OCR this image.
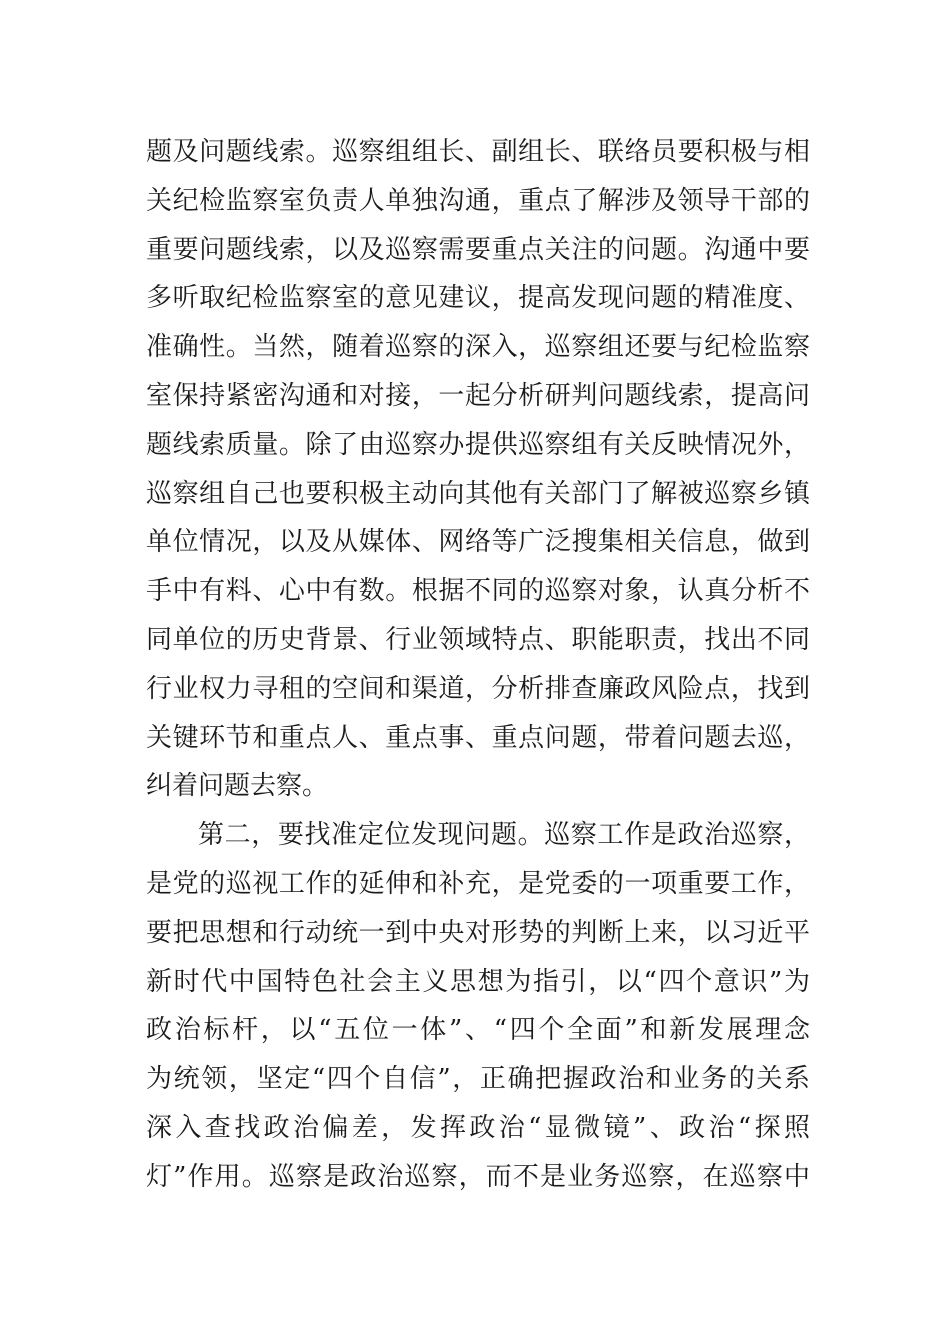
题及问题线索。巡察组组长、副组长、联络员要积极与相
关纪检监察室负责人单独沟通，重点了解涉及领导干部的
重要问题线索，以及巡察需要重点关注的问题。沟通中要
多听取纪检监察室的意见建议，提高发现问题的精准度、
准确性。当然，随着巡察的深入，巡察组还要与纪检监察
室保持紧密沟通和对接，一起分析研判问题线索，提高问
题线索质量。除了由巡察办提供巡察组有关反映情况外，
巡察组自己也要积极主动向其他有关部门了解被巡察乡镇
单位情况，以及从媒体、网络等广泛搜集相关信息，做到
手中有料、心中有数。根据不同的巡察对象，认真分析不
同单位的历史背景、行业领域特点、职能职责，找出不同
行业权力寻租的空间和渠道，分析排查廉政风险点，找到
关键环节和重点人、重点事、重点问题，带着问题去巡，
纠着问题去察。
第二，要找准定位发现问题。巡察工作是政治巡察，
是党的巡视工作的延伸和补充，是党委的一项重要工作，
要把思想和行动统一到中央对形势的判断上来，以习近平
新时代中国特色社会主义思想为指引，以“四个意识”为
政治标杆，以“五位一体”、“四个全面”和新发展理念
为统领，坚定“四个自信”，正确把握政治和业务的关系
深入查找政治偏差，发挥政治“显微镜”、政治“探照
灯”作用。巡察是政治巡察，而不是业务巡察，在巡察中
